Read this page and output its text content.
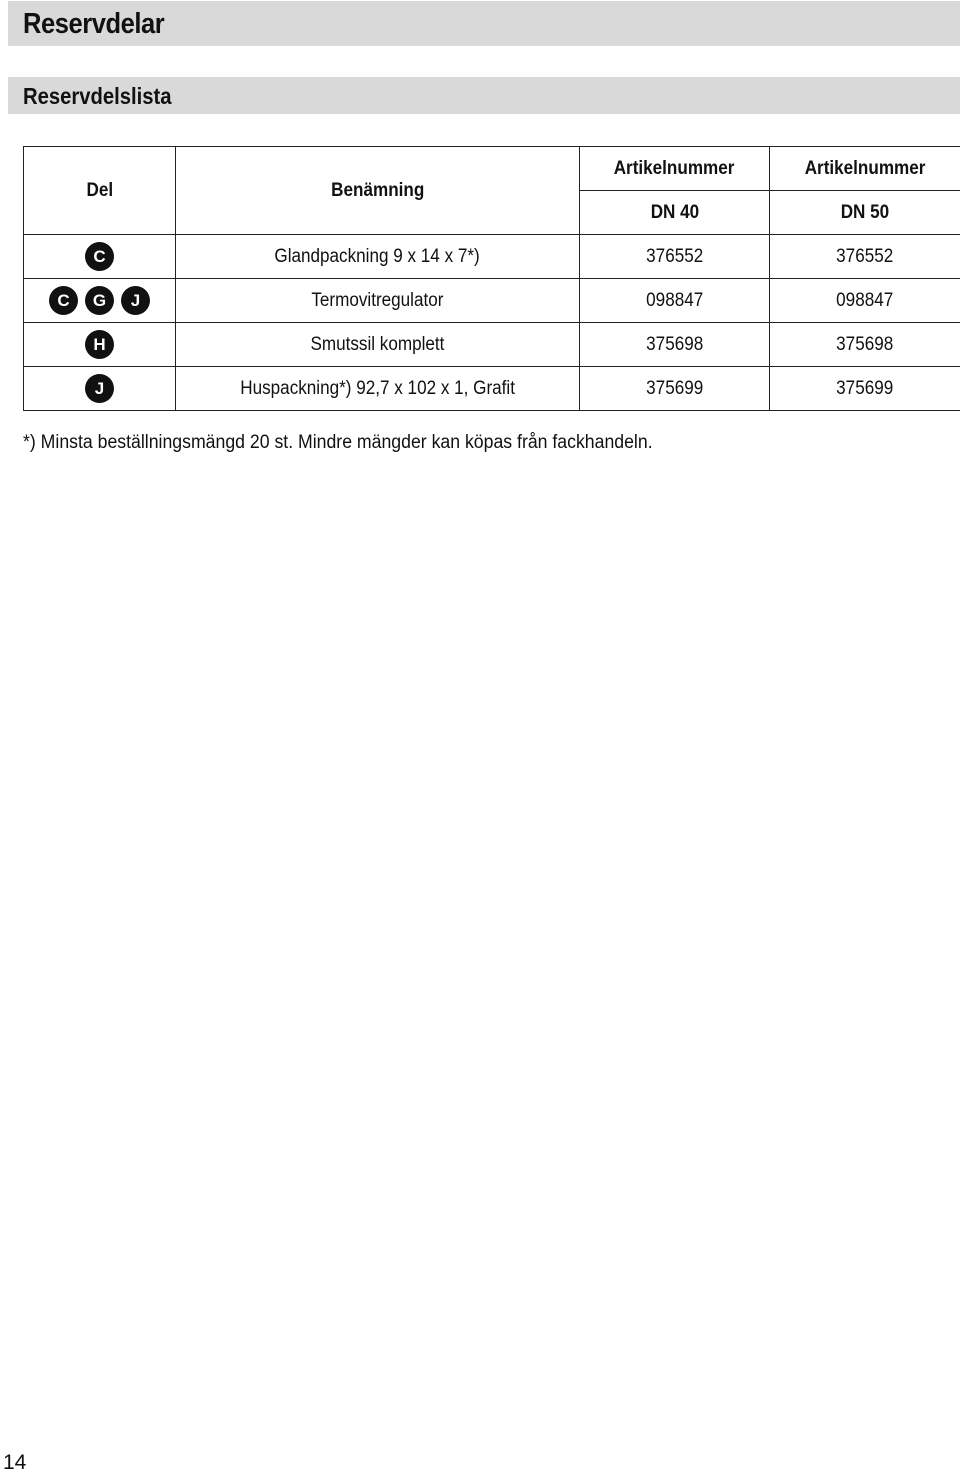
Reservdelar
Reservdelslista
Del	Benämning	Artikelnummer	Artikelnummer
		DN 40	DN 50

C	Glandpackning 9 x 14 x 7*)	376552	376552

C G J	Termovitregulator	098847	098847

H	Smutssil komplett	375698	375698

J	Huspackning*) 92,7 x 102 x 1, Grafit	375699	375699
*) Minsta beställningsmängd 20 st. Mindre mängder kan köpas från fackhandeln.
14
